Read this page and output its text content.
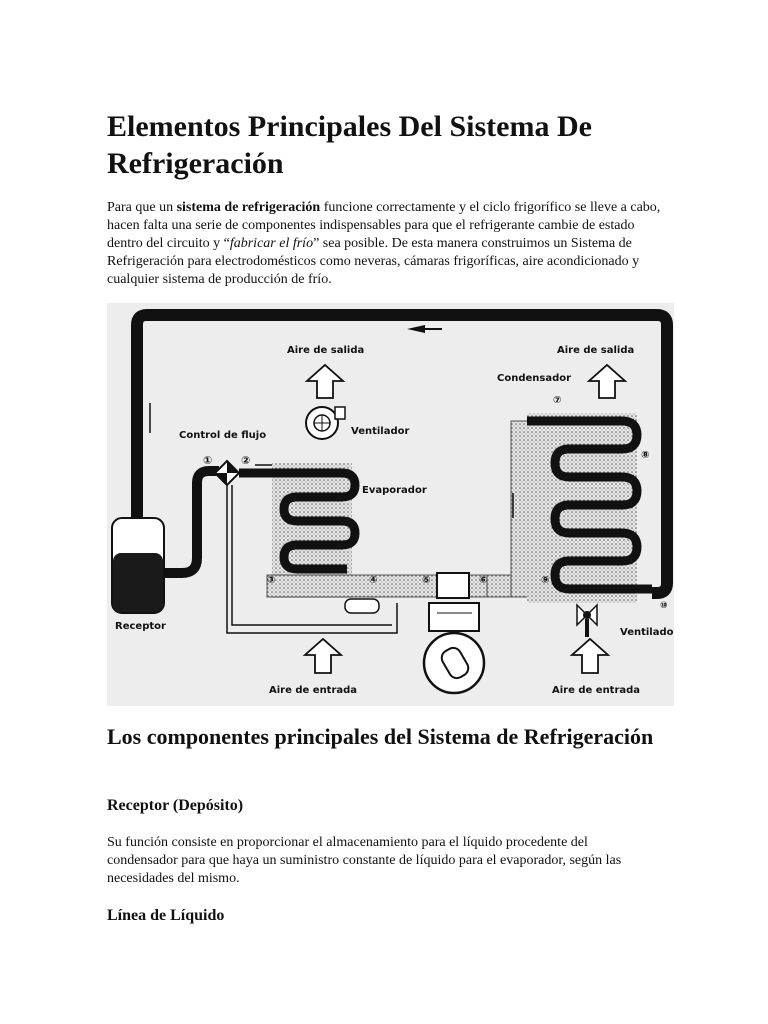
Elementos Principales Del Sistema De Refrigeración

Para que un sistema de refrigeración funcione correctamente y el ciclo frigorífico se lleve a cabo, hacen falta una serie de componentes indispensables para que el refrigerante cambie de estado dentro del circuito y “fabricar el frío” sea posible. De esta manera construimos un Sistema de Refrigeración para electrodomésticos como neveras, cámaras frigoríficas, aire acondicionado y cualquier sistema de producción de frío.

Receptor
Control de flujo
①	②
Evaporador
③	④	⑤	⑥
Condensador
⑦
⑧
⑨
⑩
Ventilador
Ventilador
Aire de salida	Aire de salida
Aire de entrada	Aire de entrada
Los componentes principales del Sistema de Refrigeración
Receptor (Depósito)

Su función consiste en proporcionar el almacenamiento para el líquido procedente del condensador para que haya un suministro constante de líquido para el evaporador, según las necesidades del mismo.

Línea de Líquido
